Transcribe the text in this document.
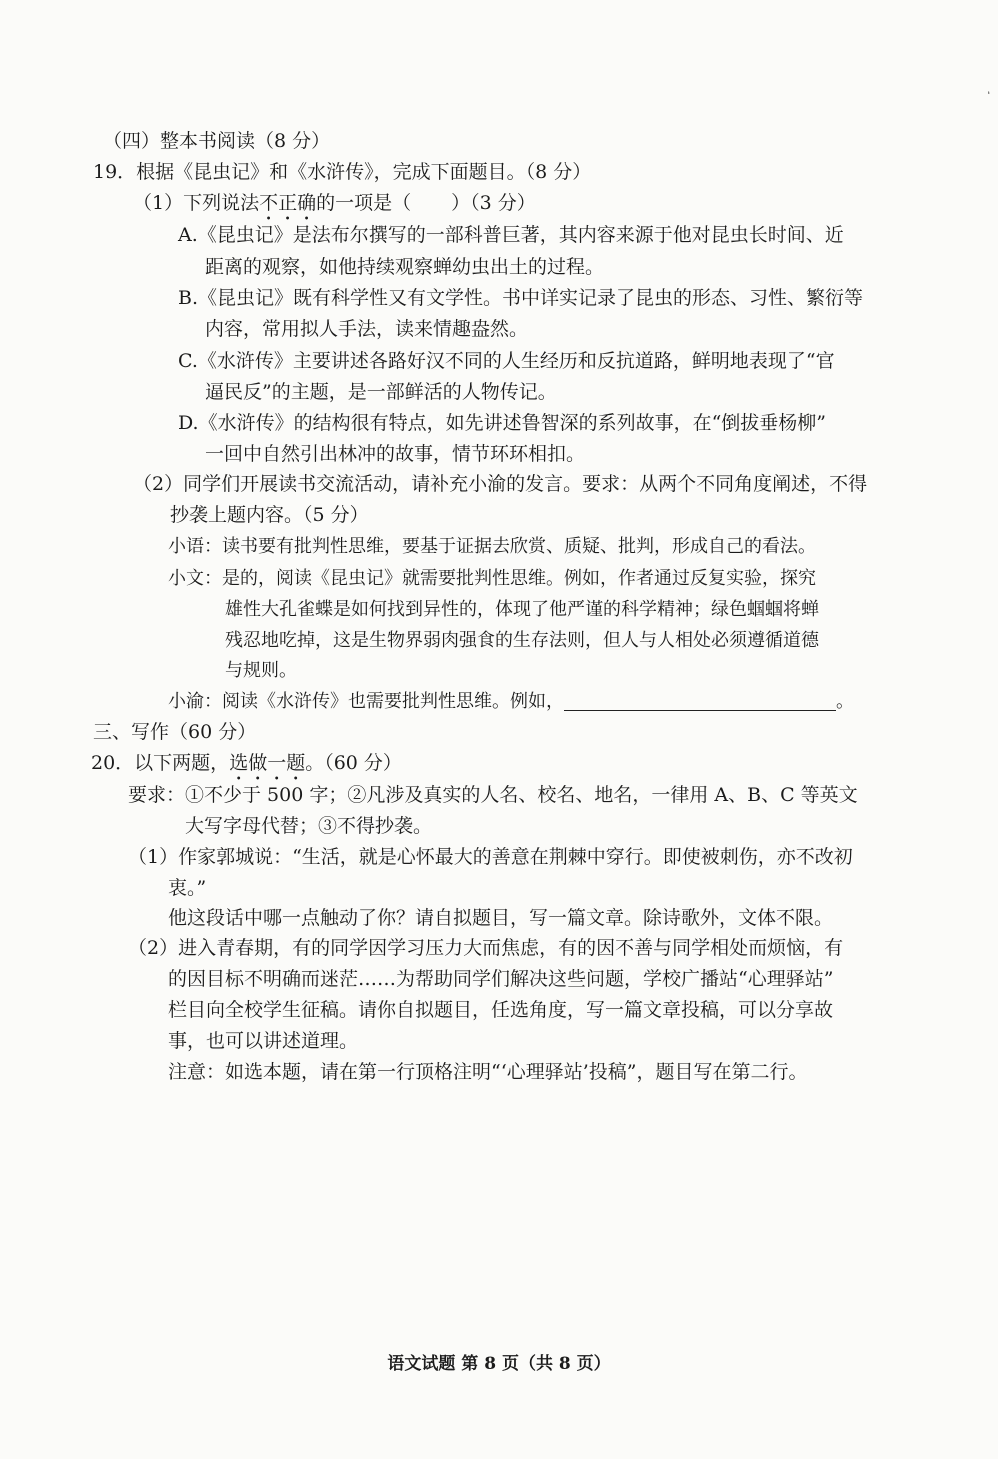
（四）整本书阅读（8 分）
19．根据《昆虫记》和《水浒传》，完成下面题目。（8 分）
（1）下列说法不正确的一项是（ ）（3 分）
A.《昆虫记》是法布尔撰写的一部科普巨著，其内容来源于他对昆虫长时间、近
距离的观察，如他持续观察蝉幼虫出土的过程。
B.《昆虫记》既有科学性又有文学性。书中详实记录了昆虫的形态、习性、繁衍等
内容，常用拟人手法，读来情趣盎然。
C.《水浒传》主要讲述各路好汉不同的人生经历和反抗道路，鲜明地表现了“官
逼民反”的主题，是一部鲜活的人物传记。
D.《水浒传》的结构很有特点，如先讲述鲁智深的系列故事，在“倒拔垂杨柳”
一回中自然引出林冲的故事，情节环环相扣。
（2）同学们开展读书交流活动，请补充小渝的发言。要求：从两个不同角度阐述，不得
抄袭上题内容。（5 分）
小语：读书要有批判性思维，要基于证据去欣赏、质疑、批判，形成自己的看法。
小文：是的，阅读《昆虫记》就需要批判性思维。例如，作者通过反复实验，探究
雄性大孔雀蝶是如何找到异性的，体现了他严谨的科学精神；绿色蝈蝈将蝉
残忍地吃掉，这是生物界弱肉强食的生存法则，但人与人相处必须遵循道德
与规则。
小渝：阅读《水浒传》也需要批判性思维。例如，	。
三、写作（60 分）
20．以下两题，选做一题。（60 分）
要求：①不少于 500 字；②凡涉及真实的人名、校名、地名，一律用 A、B、C 等英文
大写字母代替；③不得抄袭。
（1）作家郭城说：“生活，就是心怀最大的善意在荆棘中穿行。即使被刺伤，亦不改初
衷。”
他这段话中哪一点触动了你？请自拟题目，写一篇文章。除诗歌外，文体不限。
（2）进入青春期，有的同学因学习压力大而焦虑，有的因不善与同学相处而烦恼，有
的因目标不明确而迷茫……为帮助同学们解决这些问题，学校广播站“心理驿站”
栏目向全校学生征稿。请你自拟题目，任选角度，写一篇文章投稿，可以分享故
事，也可以讲述道理。
注意：如选本题，请在第一行顶格注明“‘心理驿站’投稿”，题目写在第二行。
语文试题 第 8 页（共 8 页）
